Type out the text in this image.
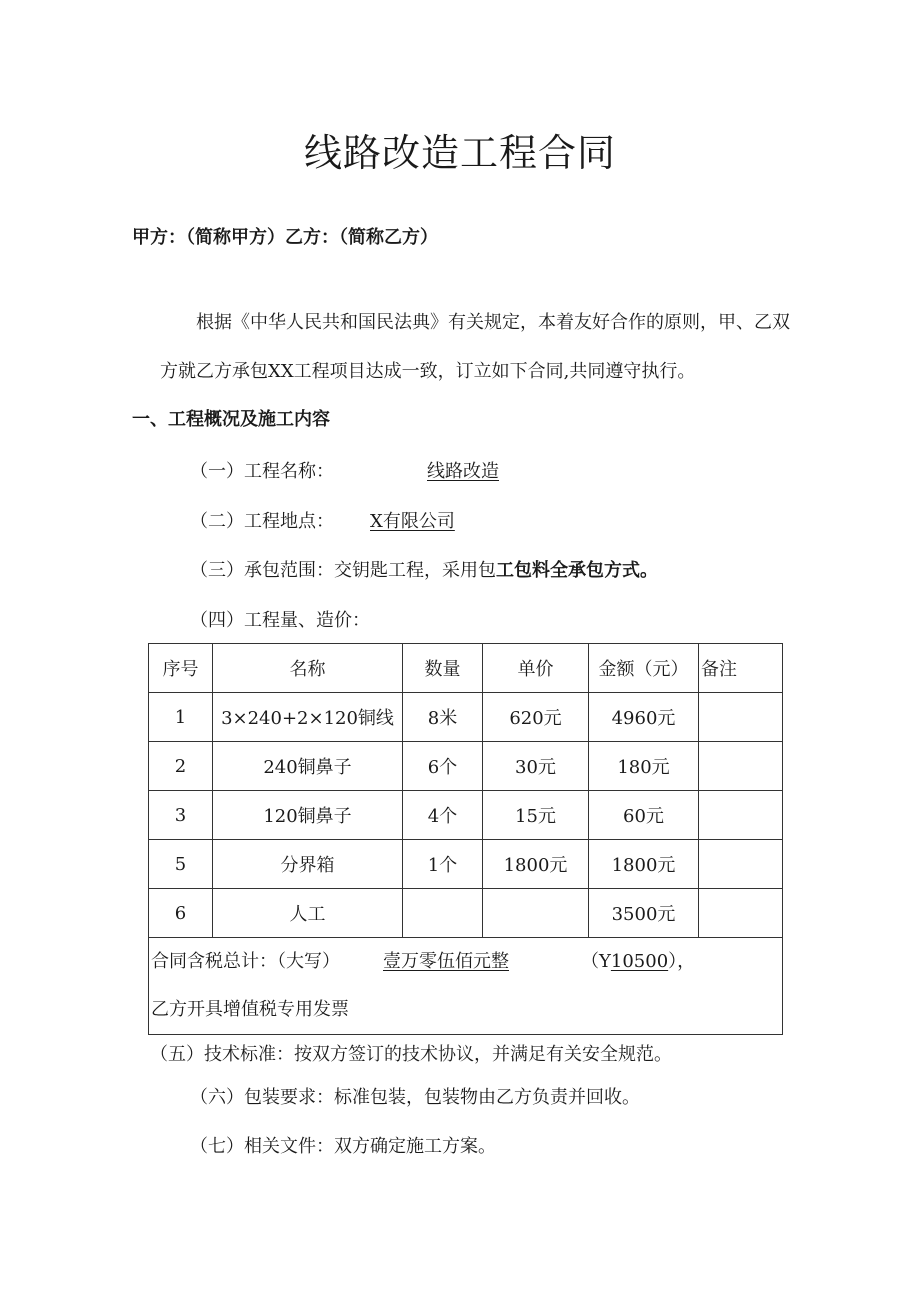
线路改造工程合同
甲方：（简称甲方）乙方：（简称乙方）
根据《中华人民共和国民法典》有关规定，本着友好合作的原则，甲、乙双
方就乙方承包XX工程项目达成一致，订立如下合同,共同遵守执行。
一、工程概况及施工内容
（一）工程名称：	线路改造
（二）工程地点： X有限公司
（三）承包范围：交钥匙工程，采用包工包料全承包方式。
（四）工程量、造价：
序号	名称	数量	单价	金额（元）	备注
1	3×240+2×120铜线	8米	620元	4960元	
2	240铜鼻子	6个	30元	180元	
3	120铜鼻子	4个	15元	60元	
5	分界箱	1个	1800元	1800元	
6	人工			3500元	

合同含税总计：（大写） 壹万零伍佰元整 （Y10500），
乙方开具增值税专用发票					
（五）技术标准：按双方签订的技术协议，并满足有关安全规范。
（六）包装要求：标准包装，包装物由乙方负责并回收。
（七）相关文件：双方确定施工方案。
